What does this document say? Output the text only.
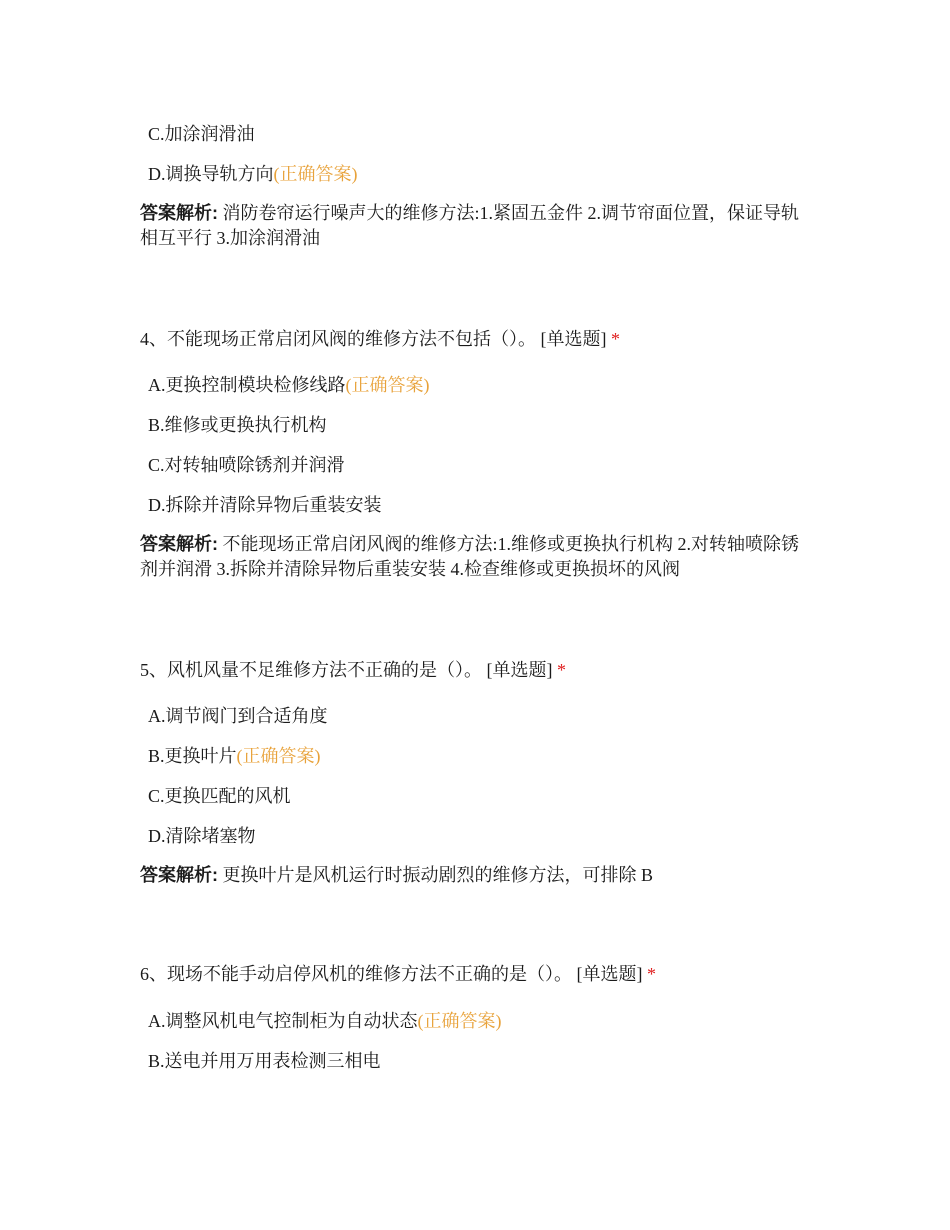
C.加涂润滑油
D.调换导轨方向(正确答案)
答案解析: 消防卷帘运行噪声大的维修方法:1.紧固五金件 2.调节帘面位置，保证导轨相互平行 3.加涂润滑油
4、不能现场正常启闭风阀的维修方法不包括（）。 [单选题] *
A.更换控制模块检修线路(正确答案)
B.维修或更换执行机构
C.对转轴喷除锈剂并润滑
D.拆除并清除异物后重装安装
答案解析: 不能现场正常启闭风阀的维修方法:1.维修或更换执行机构 2.对转轴喷除锈剂并润滑 3.拆除并清除异物后重装安装 4.检查维修或更换损坏的风阀
5、风机风量不足维修方法不正确的是（）。 [单选题] *
A.调节阀门到合适角度
B.更换叶片(正确答案)
C.更换匹配的风机
D.清除堵塞物
答案解析: 更换叶片是风机运行时振动剧烈的维修方法，可排除 B
6、现场不能手动启停风机的维修方法不正确的是（）。 [单选题] *
A.调整风机电气控制柜为自动状态(正确答案)
B.送电并用万用表检测三相电
